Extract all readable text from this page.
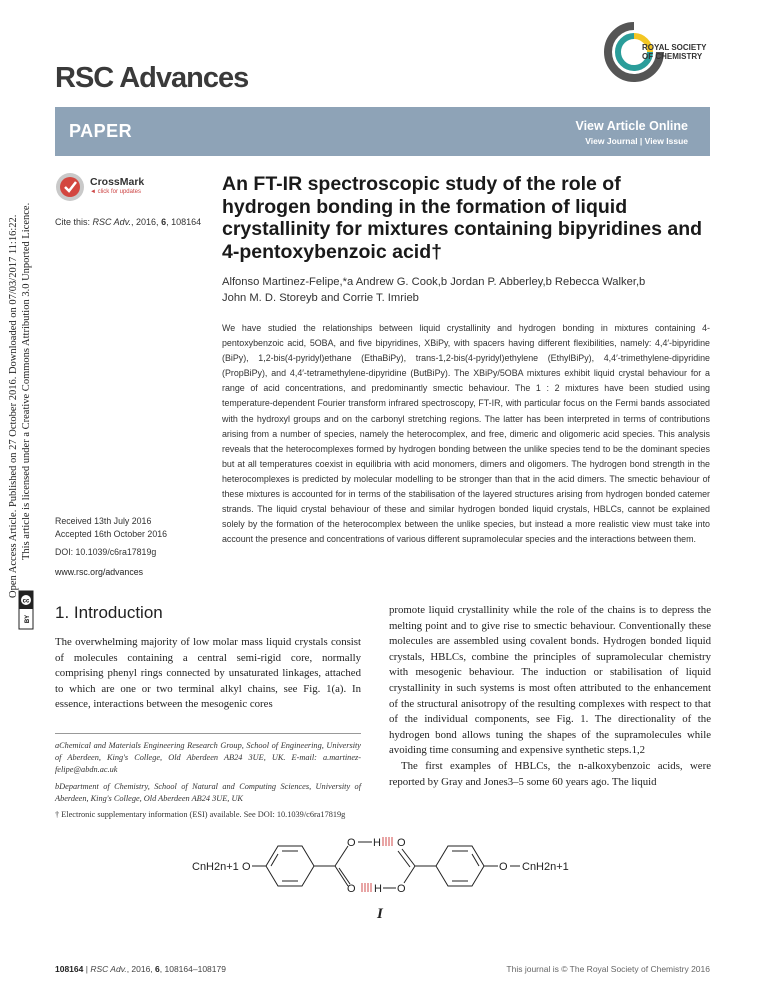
Open Access Article. Published on 27 October 2016. Downloaded on 07/03/2017 11:16:22. This article is licensed under a Creative Commons Attribution 3.0 Unported Licence.
cc
BY
ROYAL SOCIETY
OF CHEMISTRY
RSC Advances
PAPER	View Article Online
View Journal | View Issue
CrossMark
◄ click for updates
Cite this: RSC Adv., 2016, 6, 108164
An FT-IR spectroscopic study of the role of hydrogen bonding in the formation of liquid crystallinity for mixtures containing bipyridines and 4-pentoxybenzoic acid†
Alfonso Martinez-Felipe,*a Andrew G. Cook,b Jordan P. Abberley,b Rebecca Walker,b
John M. D. Storeyb and Corrie T. Imrieb
We have studied the relationships between liquid crystallinity and hydrogen bonding in mixtures containing 4-pentoxybenzoic acid, 5OBA, and five bipyridines, XBiPy, with spacers having different flexibilities, namely: 4,4′-bipyridine (BiPy), 1,2-bis(4-pyridyl)ethane (EthaBiPy), trans-1,2-bis(4-pyridyl)ethylene (EthylBiPy), 4,4′-trimethylene-dipyridine (PropBiPy), and 4,4′-tetramethylene-dipyridine (ButBiPy). The XBiPy/5OBA mixtures exhibit liquid crystal behaviour for a range of acid concentrations, and predominantly smectic behaviour. The 1 : 2 mixtures have been studied using temperature-dependent Fourier transform infrared spectroscopy, FT-IR, with particular focus on the Fermi bands associated with the hydroxyl groups and on the carbonyl stretching regions. The latter has been interpreted in terms of contributions arising from a number of species, namely the heterocomplex, and free, dimeric and oligomeric acid species. This analysis reveals that the heterocomplexes formed by hydrogen bonding between the unlike species tend to be the dominant species but at all temperatures coexist in equilibria with acid monomers, dimers and oligomers. The hydrogen bond strength in the heterocomplexes is predicted by molecular modelling to be stronger than that in the acid dimers. The smectic behaviour of these mixtures is accounted for in terms of the stabilisation of the layered structures arising from hydrogen bonded catemer strands. The liquid crystal behaviour of these and similar hydrogen bonded liquid crystals, HBLCs, cannot be explained solely by the formation of the heterocomplex between the unlike species, but instead a more realistic view must take into account the presence and concentrations of various different supramolecular species and the interactions between them.
Received 13th July 2016
Accepted 16th October 2016
DOI: 10.1039/c6ra17819g
www.rsc.org/advances
1. Introduction

The overwhelming majority of low molar mass liquid crystals consist of molecules containing a central semi-rigid core, normally comprising phenyl rings connected by unsaturated linkages, attached to which are one or two terminal alkyl chains, see Fig. 1(a). In essence, interactions between the mesogenic cores

aChemical and Materials Engineering Research Group, School of Engineering, University of Aberdeen, King's College, Old Aberdeen AB24 3UE, UK. E-mail: a.martinez-felipe@abdn.ac.uk

bDepartment of Chemistry, School of Natural and Computing Sciences, University of Aberdeen, King's College, Old Aberdeen AB24 3UE, UK

† Electronic supplementary information (ESI) available. See DOI: 10.1039/c6ra17819g

promote liquid crystallinity while the role of the chains is to depress the melting point and to give rise to smectic behaviour. Conventionally these molecules are assembled using covalent bonds. Hydrogen bonded liquid crystals, HBLCs, combine the principles of supramolecular chemistry with mesogenic behaviour. The induction or stabilisation of liquid crystallinity in such systems is most often attributed to the enhancement of the structural anisotropy of the resulting complexes with respect to that of the individual components, see Fig. 1. The directionality of the hydrogen bond allows tuning the shapes of the supramolecules while avoiding time consuming and expensive synthetic steps.1,2

The first examples of HBLCs, the n-alkoxybenzoic acids, were reported by Gray and Jones3–5 some 60 years ago. The liquid

CnH2n+1 O
O H
O H O
O
O CnH2n+1
I
108164 | RSC Adv., 2016, 6, 108164–108179	This journal is © The Royal Society of Chemistry 2016
